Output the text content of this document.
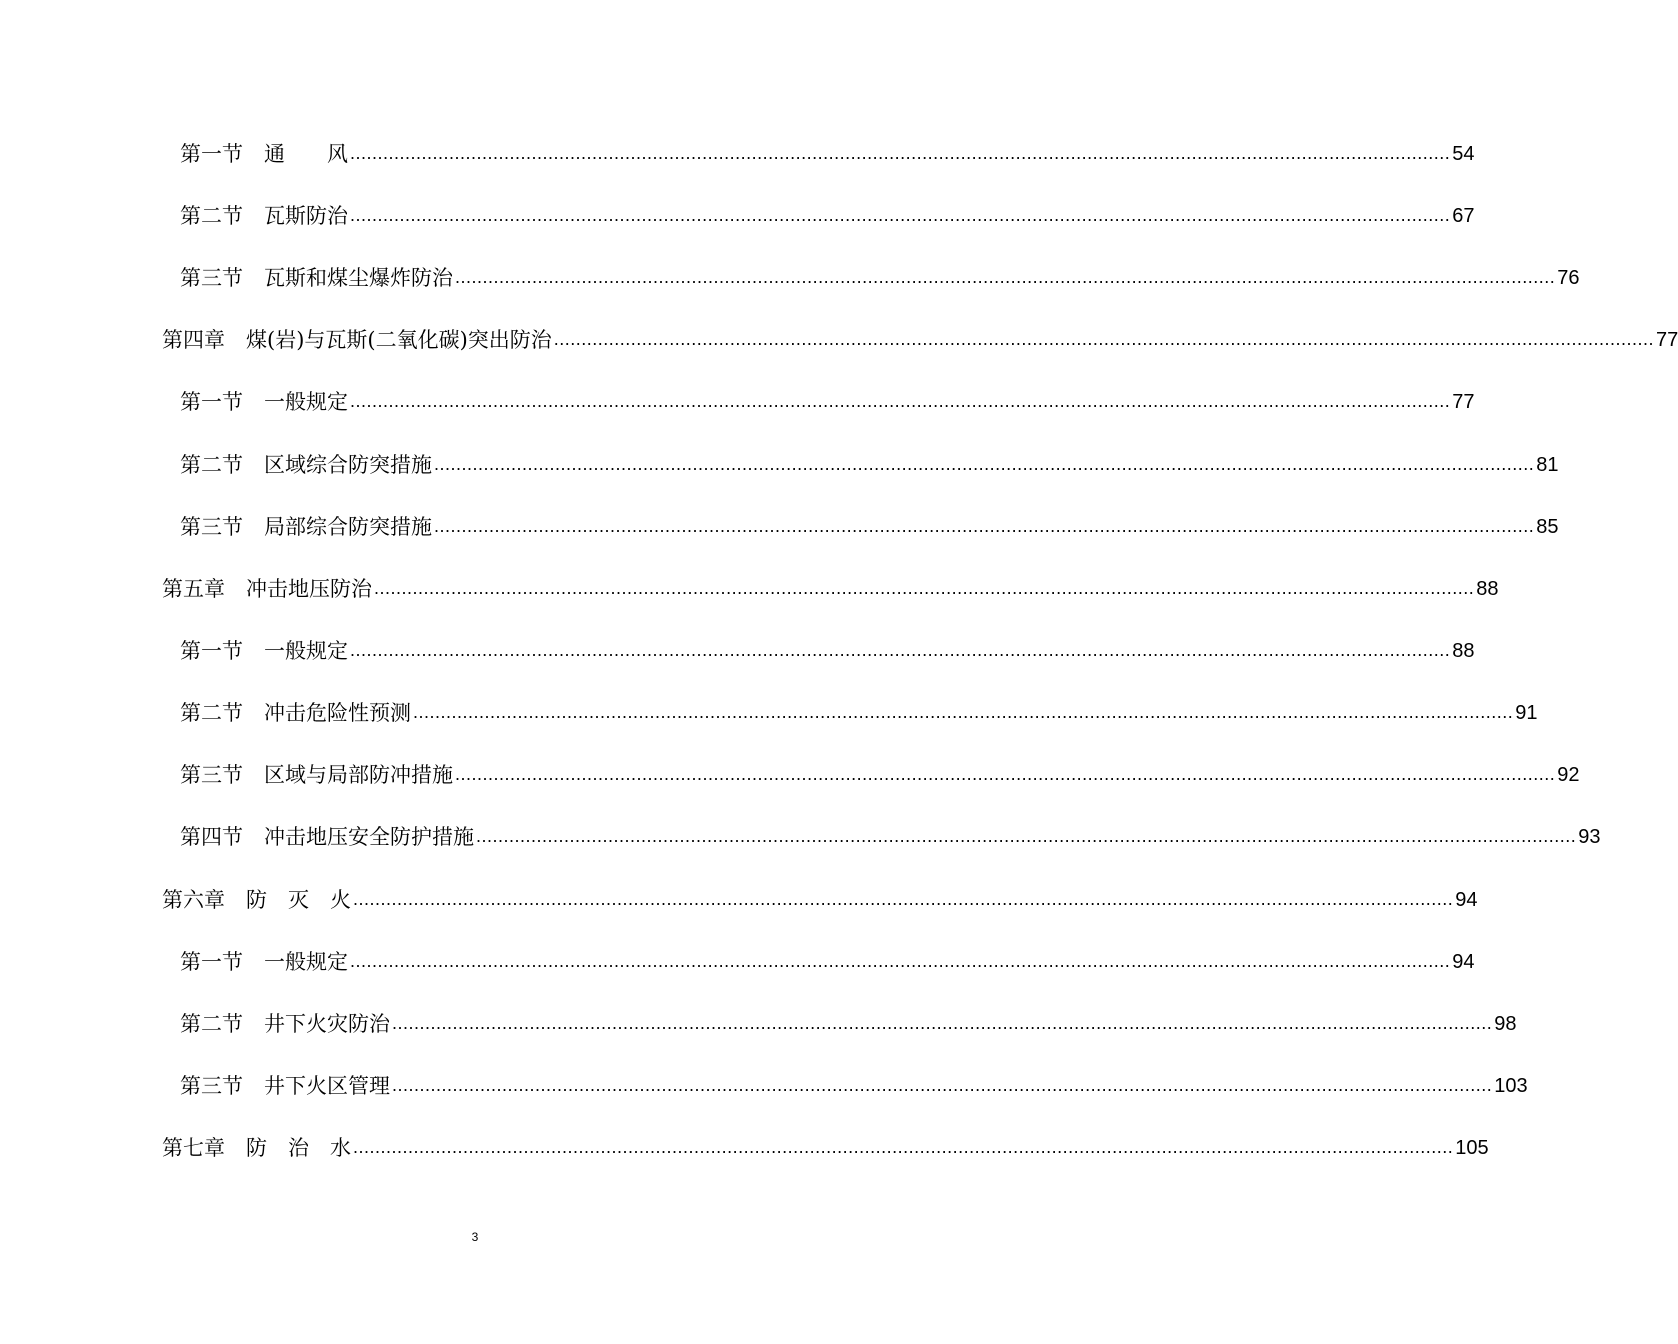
第一节　 通　　风 ........................................................................................................................................................................................................ 54
第二节　 瓦斯防治 ........................................................................................................................................................................................................ 67
第三节　 瓦斯和煤尘爆炸防治 ........................................................................................................................................................................................................ 76
第四章　 煤(岩)与瓦斯(二氧化碳)突出防治 ........................................................................................................................................................................................................ 77
第一节　 一般规定 ........................................................................................................................................................................................................ 77
第二节　 区域综合防突措施 ........................................................................................................................................................................................................ 81
第三节　 局部综合防突措施 ........................................................................................................................................................................................................ 85
第五章　 冲击地压防治 ........................................................................................................................................................................................................ 88
第一节　 一般规定 ........................................................................................................................................................................................................ 88
第二节　 冲击危险性预测 ........................................................................................................................................................................................................ 91
第三节　 区域与局部防冲措施 ........................................................................................................................................................................................................ 92
第四节　 冲击地压安全防护措施 ........................................................................................................................................................................................................ 93
第六章　 防　灭　火 ........................................................................................................................................................................................................ 94
第一节　 一般规定 ........................................................................................................................................................................................................ 94
第二节　 井下火灾防治 ........................................................................................................................................................................................................ 98
第三节　 井下火区管理 ........................................................................................................................................................................................................ 103
第七章　 防　治　水 ........................................................................................................................................................................................................ 105
3
